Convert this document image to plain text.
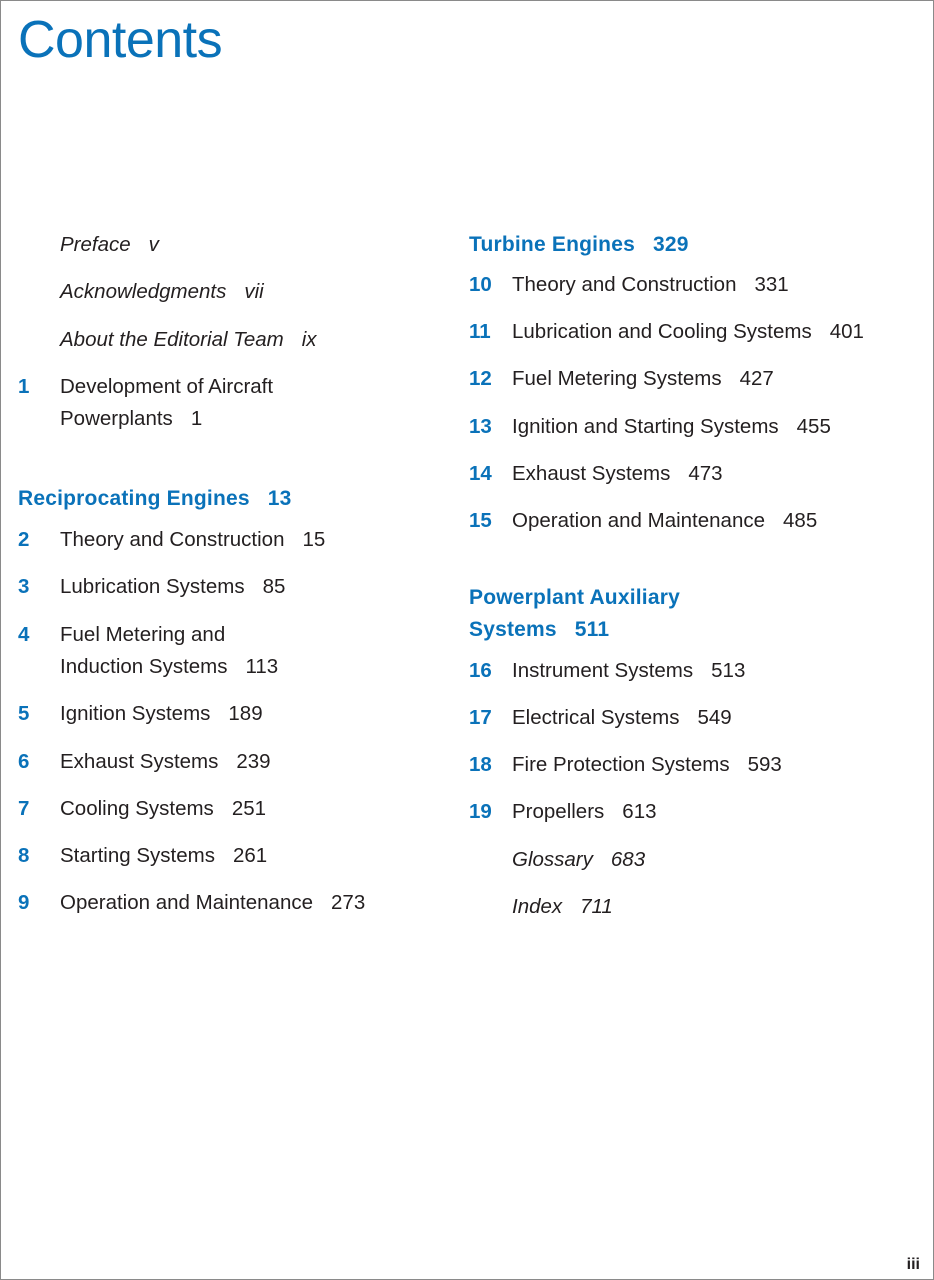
Contents
Preface v
Acknowledgments vii
About the Editorial Team ix
1 Development of Aircraft
Powerplants 1
Reciprocating Engines 13
2 Theory and Construction 15
3 Lubrication Systems 85
4 Fuel Metering and
Induction Systems 113
5 Ignition Systems 189
6 Exhaust Systems 239
7 Cooling Systems 251
8 Starting Systems 261
9 Operation and Maintenance 273
Turbine Engines 329
10 Theory and Construction 331
11 Lubrication and Cooling Systems 401
12 Fuel Metering Systems 427
13 Ignition and Starting Systems 455
14 Exhaust Systems 473
15 Operation and Maintenance 485
Powerplant Auxiliary
Systems 511
16 Instrument Systems 513
17 Electrical Systems 549
18 Fire Protection Systems 593
19 Propellers 613
Glossary 683
Index 711
iii
